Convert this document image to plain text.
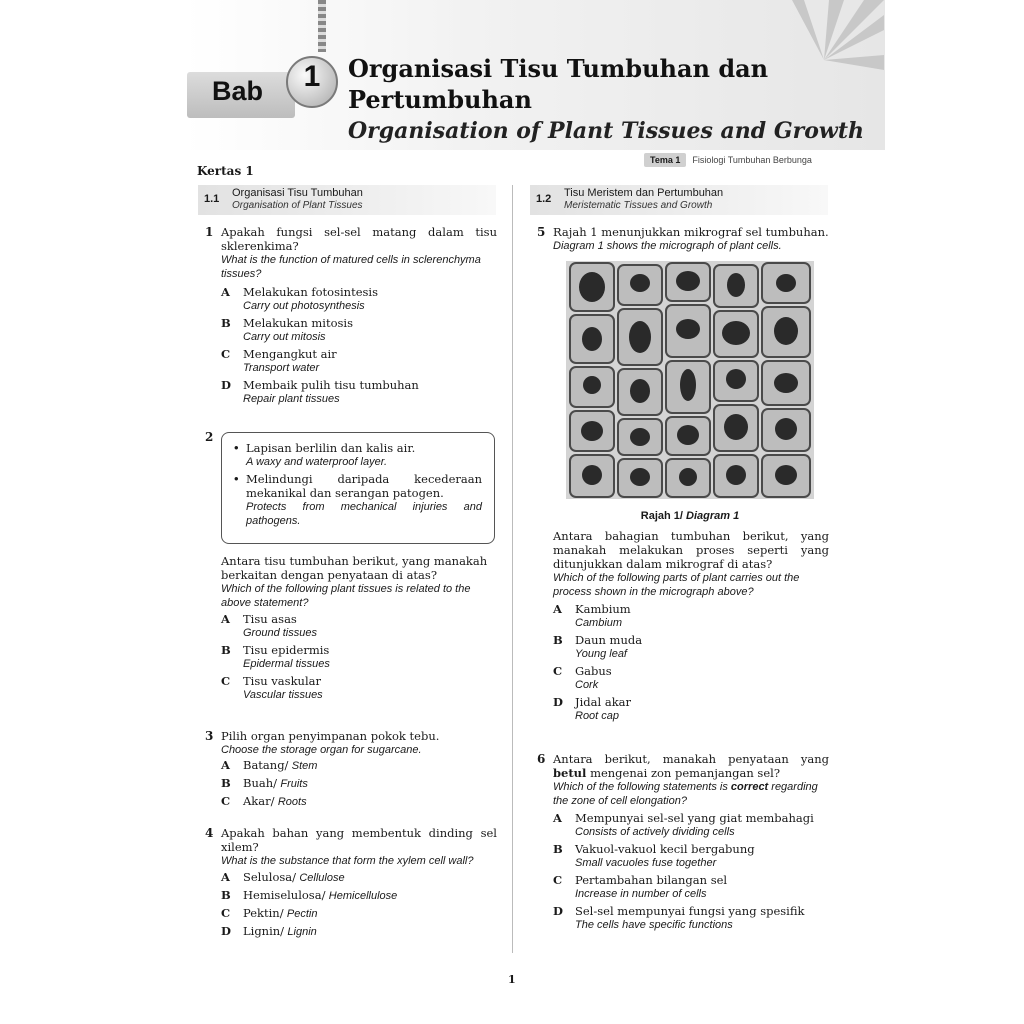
Bab	1	Organisasi Tisu Tumbuhan dan Pertumbuhan
Organisation of Plant Tissues and Growth
Kertas 1
Tema 1	Fisiologi Tumbuhan Berbunga
1.1 Organisasi Tisu Tumbuhan
Organisation of Plant Tissues
1.2 Tisu Meristem dan Pertumbuhan
Meristematic Tissues and Growth
1 Apakah fungsi sel-sel matang dalam tisu sklerenkima?
What is the function of matured cells in sclerenchyma tissues?
A Melakukan fotosintesis
Carry out photosynthesis
B Melakukan mitosis
Carry out mitosis
C Mengangkut air
Transport water
D Membaik pulih tisu tumbuhan
Repair plant tissues
2
• Lapisan berlilin dan kalis air.
A waxy and waterproof layer.
• Melindungi daripada kecederaan mekanikal dan serangan patogen.
Protects from mechanical injuries and pathogens.
Antara tisu tumbuhan berikut, yang manakah berkaitan dengan penyataan di atas?
Which of the following plant tissues is related to the above statement?
A Tisu asas
Ground tissues
B Tisu epidermis
Epidermal tissues
C Tisu vaskular
Vascular tissues
3 Pilih organ penyimpanan pokok tebu.
Choose the storage organ for sugarcane.
A Batang/ Stem
B Buah/ Fruits
C Akar/ Roots
4 Apakah bahan yang membentuk dinding sel xilem?
What is the substance that form the xylem cell wall?
A Selulosa/ Cellulose
B Hemiselulosa/ Hemicellulose
C Pektin/ Pectin
D Lignin/ Lignin
5 Rajah 1 menunjukkan mikrograf sel tumbuhan.
Diagram 1 shows the micrograph of plant cells.
Rajah 1/ Diagram 1
Antara bahagian tumbuhan berikut, yang manakah melakukan proses seperti yang ditunjukkan dalam mikrograf di atas?
Which of the following parts of plant carries out the process shown in the micrograph above?
A Kambium
Cambium
B Daun muda
Young leaf
C Gabus
Cork
D Jidal akar
Root cap
6 Antara berikut, manakah penyataan yang betul mengenai zon pemanjangan sel?
Which of the following statements is correct regarding the zone of cell elongation?
A Mempunyai sel-sel yang giat membahagi
Consists of actively dividing cells
B Vakuol-vakuol kecil bergabung
Small vacuoles fuse together
C Pertambahan bilangan sel
Increase in number of cells
D Sel-sel mempunyai fungsi yang spesifik
The cells have specific functions
1
